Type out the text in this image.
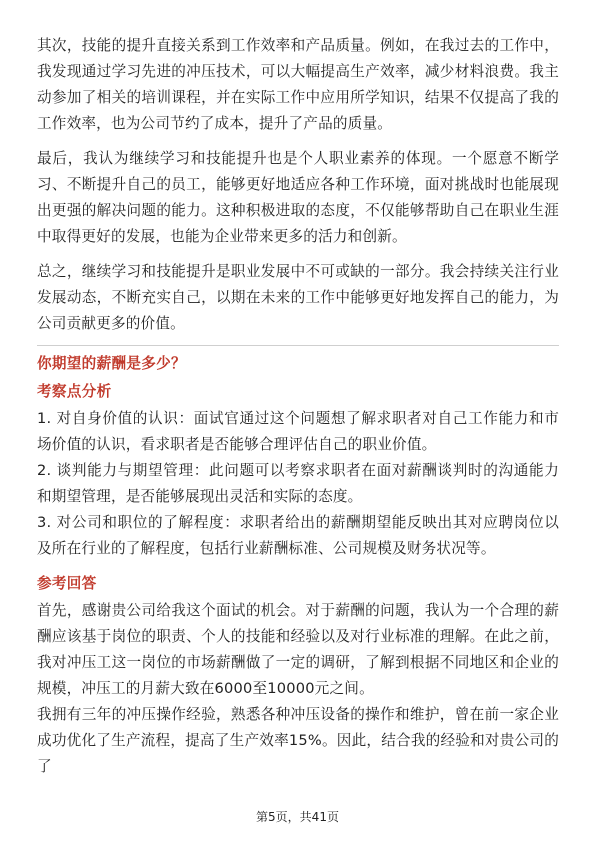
其次，技能的提升直接关系到工作效率和产品质量。例如，在我过去的工作中，我发现通过学习先进的冲压技术，可以大幅提高生产效率，减少材料浪费。我主动参加了相关的培训课程，并在实际工作中应用所学知识，结果不仅提高了我的工作效率，也为公司节约了成本，提升了产品的质量。

最后，我认为继续学习和技能提升也是个人职业素养的体现。一个愿意不断学习、不断提升自己的员工，能够更好地适应各种工作环境，面对挑战时也能展现出更强的解决问题的能力。这种积极进取的态度，不仅能够帮助自己在职业生涯中取得更好的发展，也能为企业带来更多的活力和创新。

总之，继续学习和技能提升是职业发展中不可或缺的一部分。我会持续关注行业发展动态，不断充实自己，以期在未来的工作中能够更好地发挥自己的能力，为公司贡献更多的价值。

你期望的薪酬是多少？
考察点分析

1. 对自身价值的认识：面试官通过这个问题想了解求职者对自己工作能力和市场价值的认识，看求职者是否能够合理评估自己的职业价值。

2. 谈判能力与期望管理：此问题可以考察求职者在面对薪酬谈判时的沟通能力和期望管理，是否能够展现出灵活和实际的态度。

3. 对公司和职位的了解程度：求职者给出的薪酬期望能反映出其对应聘岗位以及所在行业的了解程度，包括行业薪酬标准、公司规模及财务状况等。

参考回答

首先，感谢贵公司给我这个面试的机会。对于薪酬的问题，我认为一个合理的薪酬应该基于岗位的职责、个人的技能和经验以及对行业标准的理解。在此之前，我对冲压工这一岗位的市场薪酬做了一定的调研，了解到根据不同地区和企业的规模，冲压工的月薪大致在6000至10000元之间。

我拥有三年的冲压操作经验，熟悉各种冲压设备的操作和维护，曾在前一家企业成功优化了生产流程，提高了生产效率15%。因此，结合我的经验和对贵公司的了

第5页，共41页
